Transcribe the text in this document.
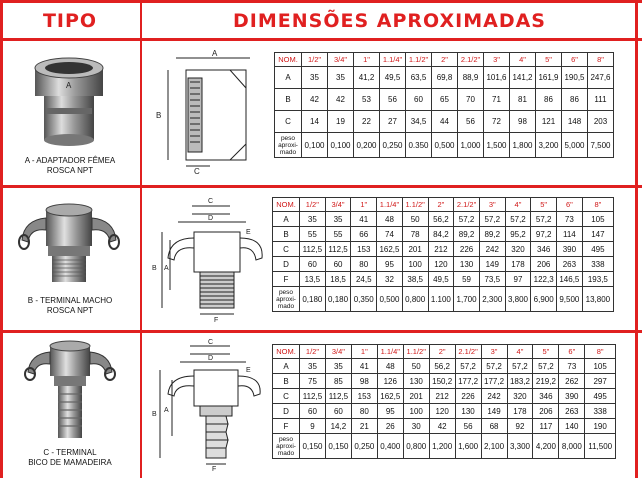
TIPO	DIMENSÕES APROXIMADAS
A
A - ADAPTADOR FÊMEA
ROSCA NPT
A
B
C
NOM.	1/2"	3/4"	1"	1.1/4"	1.1/2"	2"	2.1/2"	3"	4"	5"	6"	8"
A	35	35	41,2	49,5	63,5	69,8	88,9	101,6	141,2	161,9	190,5	247,6
B	42	42	53	56	60	65	70	71	81	86	86	111
C	14	19	22	27	34,5	44	56	72	98	121	148	203
peso
aproxi-
mado	0,100	0,100	0,200	0,250	0.350	0,500	1,000	1,500	1,800	3,200	5,000	7,500
B - TERMINAL MACHO
ROSCA NPT
C
D
E
A
B
F
NOM.	1/2"	3/4"	1"	1.1/4"	1.1/2"	2"	2.1/2"	3"	4"	5"	6"	8"
A	35	35	41	48	50	56,2	57,2	57,2	57,2	57,2	73	105
B	55	55	66	74	78	84,2	89,2	89,2	95,2	97,2	114	147
C	112,5	112,5	153	162,5	201	212	226	242	320	346	390	495
D	60	60	80	95	100	120	130	149	178	206	263	338
F	13,5	18,5	24,5	32	38,5	49,5	59	73,5	97	122,3	146,5	193,5
peso
aproxi-
mado	0,180	0,180	0,350	0,500	0,800	1.100	1,700	2,300	3,800	6,900	9,500	13,800
C - TERMINAL
BICO DE MAMADEIRA
C
D
E
A
B
F
NOM.	1/2"	3/4"	1"	1.1/4"	1.1/2"	2"	2.1/2"	3"	4"	5"	6"	8"
A	35	35	41	48	50	56,2	57,2	57,2	57,2	57,2	73	105
B	75	85	98	126	130	150,2	177,2	177,2	183,2	219,2	262	297
C	112,5	112,5	153	162,5	201	212	226	242	320	346	390	495
D	60	60	80	95	100	120	130	149	178	206	263	338
F	9	14,2	21	26	30	42	56	68	92	117	140	190
peso
aproxi-
mado	0,150	0,150	0,250	0,400	0,800	1,200	1,600	2,100	3,300	4,200	8,000	11,500
